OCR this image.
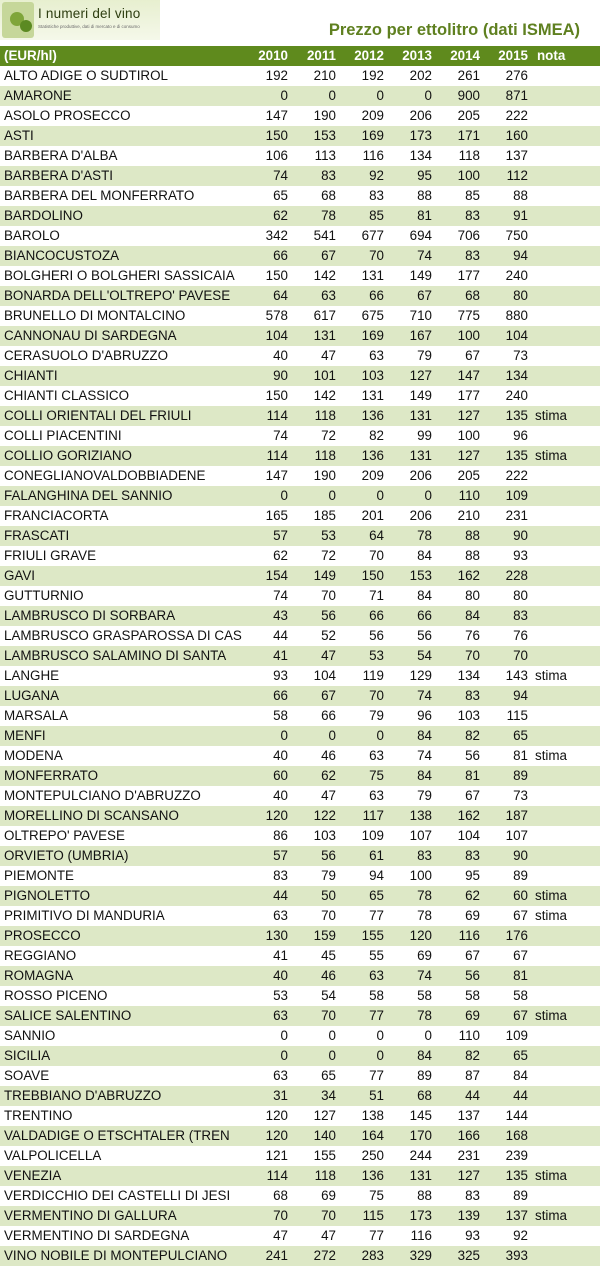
I numeri del vino
Statistiche produttive, dati di mercato e di consumo	Prezzo per ettolitro (dati ISMEA)
(EUR/hl)	2010	2011	2012	2013	2014	2015 nota
ALTO ADIGE O SUDTIROL	192	210	192	202	261	276
AMARONE	0	0	0	0	900	871
ASOLO PROSECCO	147	190	209	206	205	222
ASTI	150	153	169	173	171	160
BARBERA D'ALBA	106	113	116	134	118	137
BARBERA D'ASTI	74	83	92	95	100	112
BARBERA DEL MONFERRATO	65	68	83	88	85	88
BARDOLINO	62	78	85	81	83	91
BAROLO	342	541	677	694	706	750
BIANCOCUSTOZA	66	67	70	74	83	94
BOLGHERI O BOLGHERI SASSICAIA	150	142	131	149	177	240
BONARDA DELL'OLTREPO' PAVESE	64	63	66	67	68	80
BRUNELLO DI MONTALCINO	578	617	675	710	775	880
CANNONAU DI SARDEGNA	104	131	169	167	100	104
CERASUOLO D'ABRUZZO	40	47	63	79	67	73
CHIANTI	90	101	103	127	147	134
CHIANTI CLASSICO	150	142	131	149	177	240
COLLI ORIENTALI DEL FRIULI	114	118	136	131	127	135 stima
COLLI PIACENTINI	74	72	82	99	100	96
COLLIO GORIZIANO	114	118	136	131	127	135 stima
CONEGLIANOVALDOBBIADENE	147	190	209	206	205	222
FALANGHINA DEL SANNIO	0	0	0	0	110	109
FRANCIACORTA	165	185	201	206	210	231
FRASCATI	57	53	64	78	88	90
FRIULI GRAVE	62	72	70	84	88	93
GAVI	154	149	150	153	162	228
GUTTURNIO	74	70	71	84	80	80
LAMBRUSCO DI SORBARA	43	56	66	66	84	83
LAMBRUSCO GRASPAROSSA DI CAS	44	52	56	56	76	76
LAMBRUSCO SALAMINO DI SANTA	41	47	53	54	70	70
LANGHE	93	104	119	129	134	143 stima
LUGANA	66	67	70	74	83	94
MARSALA	58	66	79	96	103	115
MENFI	0	0	0	84	82	65
MODENA	40	46	63	74	56	81 stima
MONFERRATO	60	62	75	84	81	89
MONTEPULCIANO D'ABRUZZO	40	47	63	79	67	73
MORELLINO DI SCANSANO	120	122	117	138	162	187
OLTREPO' PAVESE	86	103	109	107	104	107
ORVIETO (UMBRIA)	57	56	61	83	83	90
PIEMONTE	83	79	94	100	95	89
PIGNOLETTO	44	50	65	78	62	60 stima
PRIMITIVO DI MANDURIA	63	70	77	78	69	67 stima
PROSECCO	130	159	155	120	116	176
REGGIANO	41	45	55	69	67	67
ROMAGNA	40	46	63	74	56	81
ROSSO PICENO	53	54	58	58	58	58
SALICE SALENTINO	63	70	77	78	69	67 stima
SANNIO	0	0	0	0	110	109
SICILIA	0	0	0	84	82	65
SOAVE	63	65	77	89	87	84
TREBBIANO D'ABRUZZO	31	34	51	68	44	44
TRENTINO	120	127	138	145	137	144
VALDADIGE O ETSCHTALER (TREN	120	140	164	170	166	168
VALPOLICELLA	121	155	250	244	231	239
VENEZIA	114	118	136	131	127	135 stima
VERDICCHIO DEI CASTELLI DI JESI	68	69	75	88	83	89
VERMENTINO DI GALLURA	70	70	115	173	139	137 stima
VERMENTINO DI SARDEGNA	47	47	77	116	93	92
VINO NOBILE DI MONTEPULCIANO	241	272	283	329	325	393
